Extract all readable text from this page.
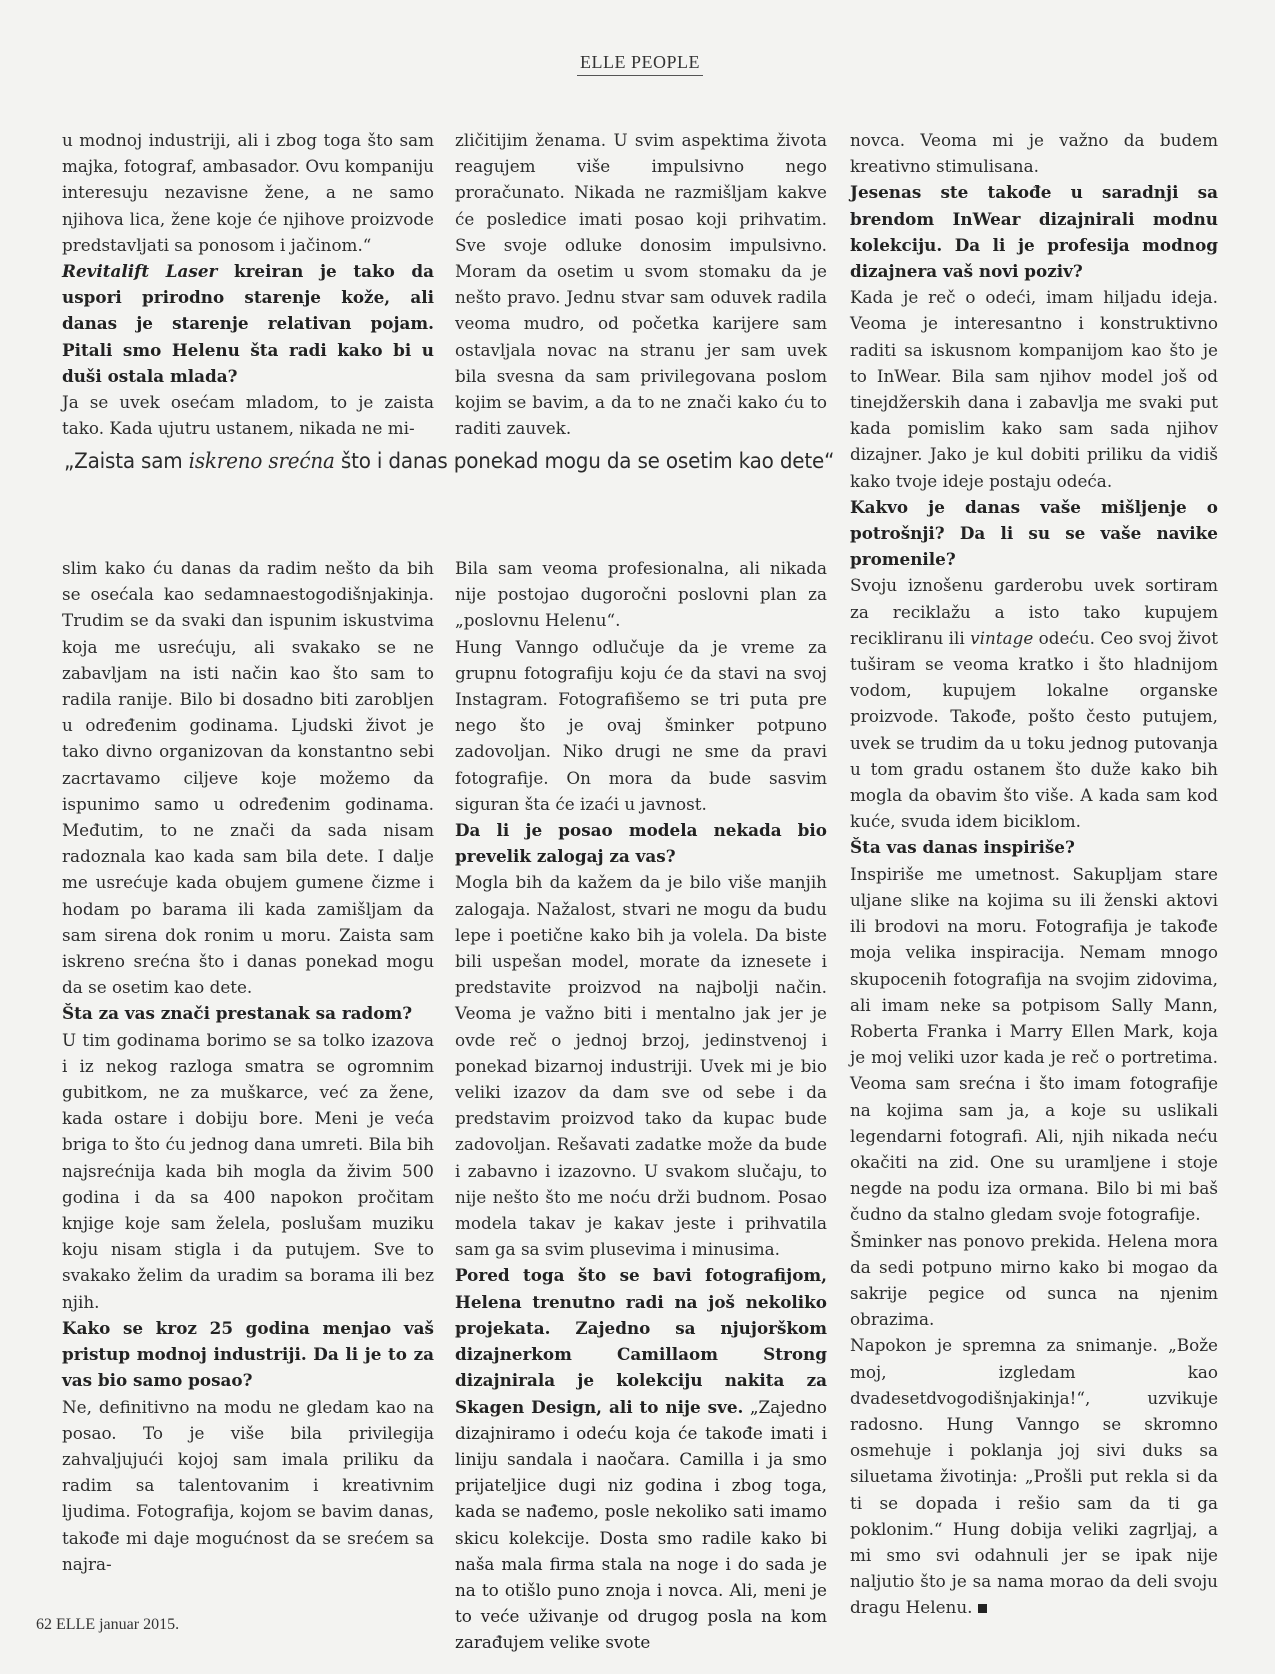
ELLE PEOPLE

u modnoj industriji, ali i zbog toga što sam majka, fotograf, ambasador. Ovu kompaniju interesuju nezavisne žene, a ne samo njihova lica, žene koje će njihove proizvode predstavljati sa ponosom i jačinom.“

Revitalift Laser kreiran je tako da uspori prirodno starenje kože, ali danas je starenje relativan pojam. Pitali smo Helenu šta radi kako bi u duši ostala mlada?

Ja se uvek osećam mladom, to je zaista tako. Kada ujutru ustanem, nikada ne mi-

zličitijim ženama. U svim aspektima života reagujem više impulsivno nego proračunato. Nikada ne razmišljam kakve će posledice imati posao koji prihvatim. Sve svoje odluke donosim impulsivno. Moram da osetim u svom stomaku da je nešto pravo. Jednu stvar sam oduvek radila veoma mudro, od početka karijere sam ostavljala novac na stranu jer sam uvek bila svesna da sam privilegovana poslom kojim se bavim, a da to ne znači kako ću to raditi zauvek.

„Zaista sam iskreno srećna što i danas ponekad mogu da se osetim kao dete“

slim kako ću danas da radim nešto da bih se osećala kao sedamnaestogodišnjakinja. Trudim se da svaki dan ispunim iskustvima koja me usrećuju, ali svakako se ne zabavljam na isti način kao što sam to radila ranije. Bilo bi dosadno biti zarobljen u određenim godinama. Ljudski život je tako divno organizovan da konstantno sebi zacrtavamo ciljeve koje možemo da ispunimo samo u određenim godinama. Međutim, to ne znači da sada nisam radoznala kao kada sam bila dete. I dalje me usrećuje kada obujem gumene čizme i hodam po barama ili kada zamišljam da sam sirena dok ronim u moru. Zaista sam iskreno srećna što i danas ponekad mogu da se osetim kao dete.

Šta za vas znači prestanak sa radom?

U tim godinama borimo se sa tolko izazova i iz nekog razloga smatra se ogromnim gubitkom, ne za muškarce, već za žene, kada ostare i dobiju bore. Meni je veća briga to što ću jednog dana umreti. Bila bih najsrećnija kada bih mogla da živim 500 godina i da sa 400 napokon pročitam knjige koje sam želela, poslušam muziku koju nisam stigla i da putujem. Sve to svakako želim da uradim sa borama ili bez njih.

Kako se kroz 25 godina menjao vaš pristup modnoj industriji. Da li je to za vas bio samo posao?

Ne, definitivno na modu ne gledam kao na posao. To je više bila privilegija zahvaljujući kojoj sam imala priliku da radim sa talentovanim i kreativnim ljudima. Fotografija, kojom se bavim danas, takođe mi daje mogućnost da se srećem sa najra-

Bila sam veoma profesionalna, ali nikada nije postojao dugoročni poslovni plan za „poslovnu Helenu“.

Hung Vanngo odlučuje da je vreme za grupnu fotografiju koju će da stavi na svoj Instagram. Fotografišemo se tri puta pre nego što je ovaj šminker potpuno zadovoljan. Niko drugi ne sme da pravi fotografije. On mora da bude sasvim siguran šta će izaći u javnost.

Da li je posao modela nekada bio prevelik zalogaj za vas?

Mogla bih da kažem da je bilo više manjih zalogaja. Nažalost, stvari ne mogu da budu lepe i poetične kako bih ja volela. Da biste bili uspešan model, morate da iznesete i predstavite proizvod na najbolji način. Veoma je važno biti i mentalno jak jer je ovde reč o jednoj brzoj, jedinstvenoj i ponekad bizarnoj industriji. Uvek mi je bio veliki izazov da dam sve od sebe i da predstavim proizvod tako da kupac bude zadovoljan. Rešavati zadatke može da bude i zabavno i izazovno. U svakom slučaju, to nije nešto što me noću drži budnom. Posao modela takav je kakav jeste i prihvatila sam ga sa svim plusevima i minusima.

Pored toga što se bavi fotografijom, Helena trenutno radi na još nekoliko projekata. Zajedno sa njujorškom dizajnerkom Camillaom Strong dizajnirala je kolekciju nakita za Skagen Design, ali to nije sve. „Zajedno dizajniramo i odeću koja će takođe imati i liniju sandala i naočara. Camilla i ja smo prijateljice dugi niz godina i zbog toga, kada se nađemo, posle nekoliko sati imamo skicu kolekcije. Dosta smo radile kako bi naša mala firma stala na noge i do sada je na to otišlo puno znoja i novca. Ali, meni je to veće uživanje od drugog posla na kom zarađujem velike svote

novca. Veoma mi je važno da budem kreativno stimulisana.

Jesenas ste takođe u saradnji sa brendom InWear dizajnirali modnu kolekciju. Da li je profesija modnog dizajnera vaš novi poziv?

Kada je reč o odeći, imam hiljadu ideja. Veoma je interesantno i konstruktivno raditi sa iskusnom kompanijom kao što je to InWear. Bila sam njihov model još od tinejdžerskih dana i zabavlja me svaki put kada pomislim kako sam sada njihov dizajner. Jako je kul dobiti priliku da vidiš kako tvoje ideje postaju odeća.

Kakvo je danas vaše mišljenje o potrošnji? Da li su se vaše navike promenile?

Svoju iznošenu garderobu uvek sortiram za reciklažu a isto tako kupujem recikliranu ili vintage odeću. Ceo svoj život tuširam se veoma kratko i što hladnijom vodom, kupujem lokalne organske proizvode. Takođe, pošto često putujem, uvek se trudim da u toku jednog putovanja u tom gradu ostanem što duže kako bih mogla da obavim što više. A kada sam kod kuće, svuda idem biciklom.

Šta vas danas inspiriše?

Inspiriše me umetnost. Sakupljam stare uljane slike na kojima su ili ženski aktovi ili brodovi na moru. Fotografija je takođe moja velika inspiracija. Nemam mnogo skupocenih fotografija na svojim zidovima, ali imam neke sa potpisom Sally Mann, Roberta Franka i Marry Ellen Mark, koja je moj veliki uzor kada je reč o portretima. Veoma sam srećna i što imam fotografije na kojima sam ja, a koje su uslikali legendarni fotografi. Ali, njih nikada neću okačiti na zid. One su uramljene i stoje negde na podu iza ormana. Bilo bi mi baš čudno da stalno gledam svoje fotografije.

Šminker nas ponovo prekida. Helena mora da sedi potpuno mirno kako bi mogao da sakrije pegice od sunca na njenim obrazima.

Napokon je spremna za snimanje. „Bože moj, izgledam kao dvadesetdvogodišnjakinja!“, uzvikuje radosno. Hung Vanngo se skromno osmehuje i poklanja joj sivi duks sa siluetama životinja: „Prošli put rekla si da ti se dopada i rešio sam da ti ga poklonim.“ Hung dobija veliki zagrljaj, a mi smo svi odahnuli jer se ipak nije naljutio što je sa nama morao da deli svoju dragu Helenu.

62 ELLE januar 2015.
